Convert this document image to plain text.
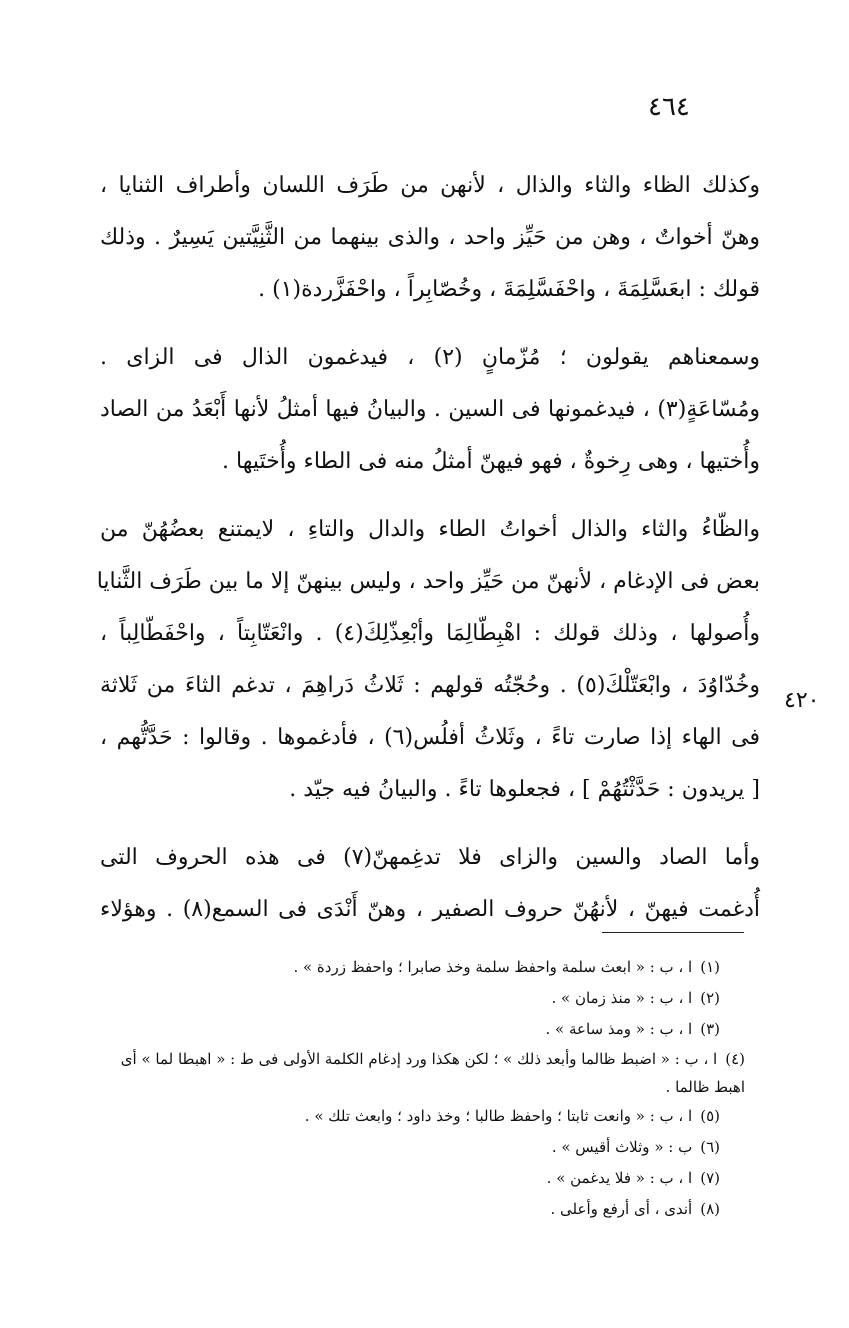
٤٦٤

وكذلك الظاء والثاء والذال ، لأنهن من طَرَف اللسان وأطراف الثنايا ،
وهنّ أخواتٌ ، وهن من حَيِّز واحد ، والذى بينهما من الثَّنِيَّتين يَسِيرٌ . وذلك
قولك : ابعَسَّلِمَةَ ، واحْفَسَّلِمَةَ ، وخُصّابِراً ، واحْفَزَّردة(١) .

وسمعناهم يقولون ؛ مُزّمانٍ (٢) ، فيدغمون الذال فى الزاى .
ومُسّاعَةٍ(٣) ، فيدغمونها فى السين . والبيانُ فيها أمثلُ لأنها أَبْعَدُ من الصاد
وأُختيها ، وهى رِخوةٌ ، فهو فيهنّ أمثلُ منه فى الطاء وأُختَيها .

والظّاءُ والثاء والذال أخواتُ الطاء والدال والتاءِ ، لايمتنع بعضُهُنّ من
بعض فى الإدغام ، لأنهنّ من حَيِّز واحد ، وليس بينهنّ إلا ما بين طَرَف الثَّنايا
وأُصولها ، وذلك قولك : اهْبِطّالِمَا وأبْعِذّلِكَ(٤) . وانْعَتّابِتاً ، واحْفَطّالِباً ،
وخُدّاوُدَ ، وابْعَتّلْكَ(٥) . وحُجّتُه قولهم : ثَلاثُ دَراهِمَ ، تدغم الثاءَ من ثَلاثة
فى الهاء إذا صارت تاءً ، وثَلاثُ أفلُس(٦) ، فأدغموها . وقالوا : حَدَّتُّهم ،
[ يريدون : حَدَّثْتُهُمْ ] ، فجعلوها تاءً . والبيانُ فيه جيّد .

وأما الصاد والسين والزاى فلا تدغِمهنّ(٧) فى هذه الحروف التى
أُدغمت فيهنّ ، لأنهُنّ حروف الصفير ، وهنّ أَنْدَى فى السمع(٨) . وهؤلاء

٤٢٠
(١)ا ، ب : « ابعث سلمة واحفظ سلمة وخذ صابرا ؛ واحفظ زردة » .
(٢)ا ، ب : « منذ زمان » .
(٣)ا ، ب : « ومذ ساعة » .
(٤)ا ، ب : « اضبط ظالما وأبعد ذلك » ؛ لكن هكذا ورد إدغام الكلمة الأولى فى ط : « اهبطا لما » أى اهبط ظالما .
(٥)ا ، ب : « وانعت ثابتا ؛ واحفظ طالبا ؛ وخذ داود ؛ وابعث تلك » .
(٦)ب : « وثلاث أقيس » .
(٧)ا ، ب : « فلا يدغمن » .
(٨)أندى ، أى أرفع وأعلى .
